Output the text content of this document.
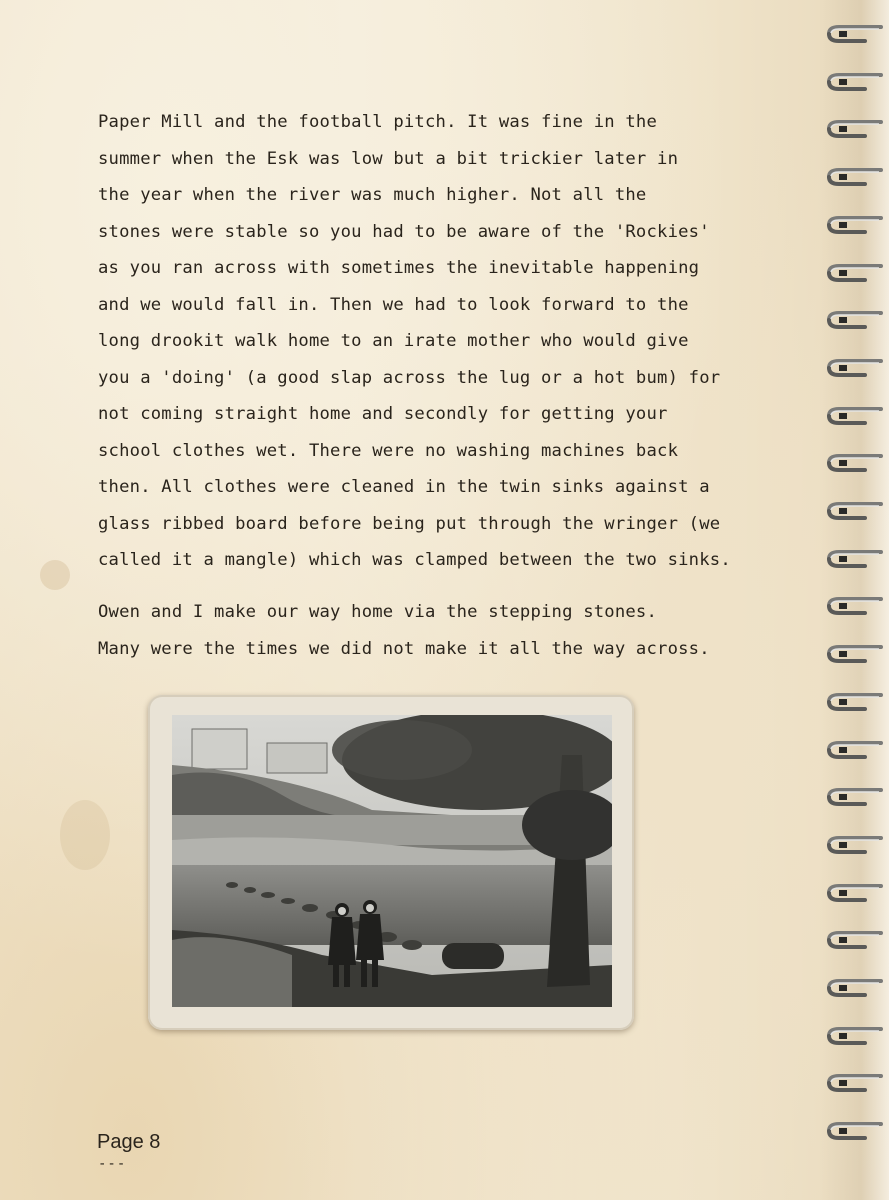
Paper Mill and the football pitch. It was fine in the

summer when the Esk was low but a bit trickier later in

the year when the river was much higher. Not all the

stones were stable so you had to be aware of the 'Rockies'

as you ran across with sometimes the inevitable happening

and we would fall in. Then we had to look forward to the

long drookit walk home to an irate mother who would give

you a 'doing' (a good slap across the lug or a hot bum) for

not coming straight home and secondly for getting your

school clothes wet. There were no washing machines back

then. All clothes were cleaned in the twin sinks against a

glass ribbed board before being put through the wringer (we

called it a mangle) which was clamped between the two sinks.

Owen and I make our way home via the stepping stones.

Many were the times we did not make it all the way across.

Page 8
---
